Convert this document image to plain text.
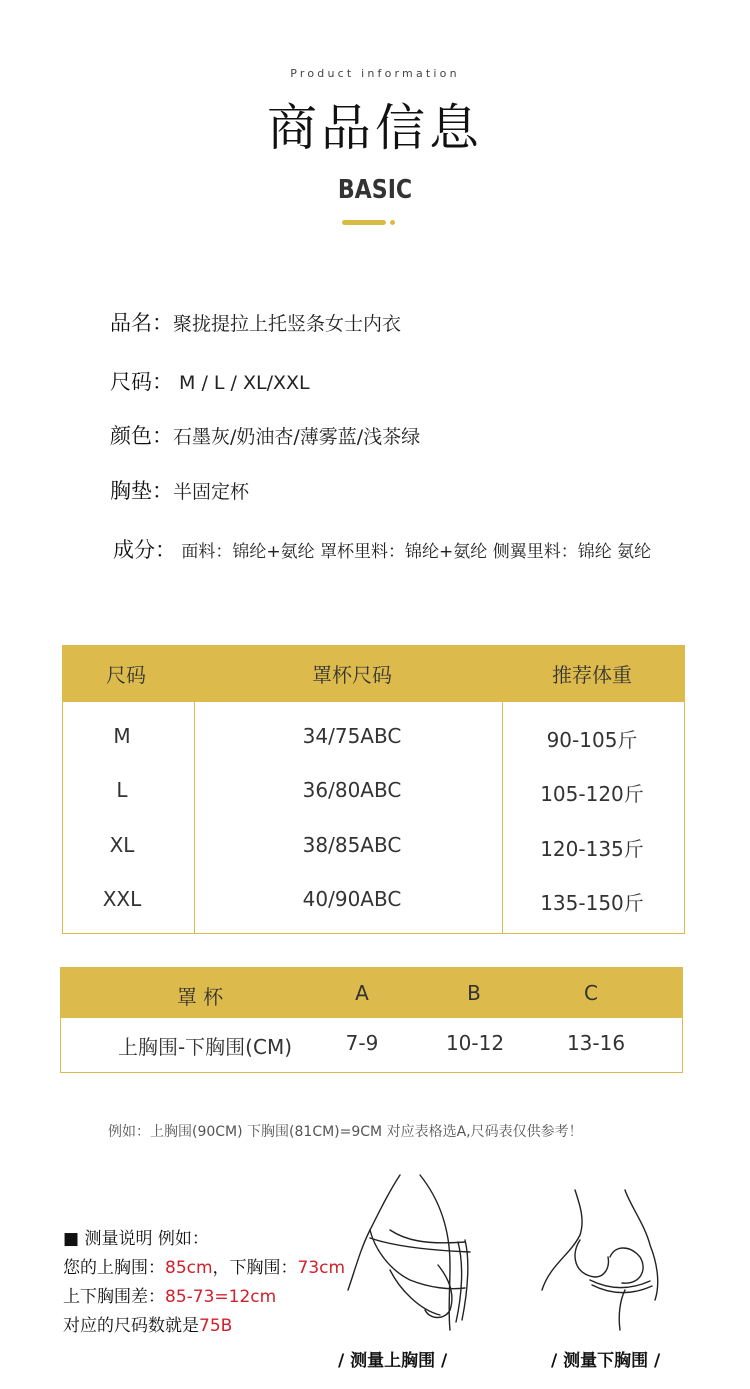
Product information
商品信息
BASIC
品名：聚拢提拉上托竖条女士内衣
尺码： M / L / XL/XXL
颜色：石墨灰/奶油杏/薄雾蓝/浅茶绿
胸垫：半固定杯
成分： 面料：锦纶+氨纶 罩杯里料：锦纶+氨纶 侧翼里料：锦纶 氨纶
尺码	罩杯尺码	推荐体重
M	34/75ABC	90-105斤
L	36/80ABC	105-120斤
XL	38/85ABC	120-135斤
XXL	40/90ABC	135-150斤
罩 杯	A	B	C
上胸围-下胸围(CM)	7-9	10-12	13-16
例如：上胸围(90CM) 下胸围(81CM)=9CM 对应表格选A,尺码表仅供参考！
■ 测量说明 例如：
您的上胸围：85cm，下胸围：73cm
上下胸围差：85-73=12cm
对应的尺码数就是75B
/ 测量上胸围 /	/ 测量下胸围 /
